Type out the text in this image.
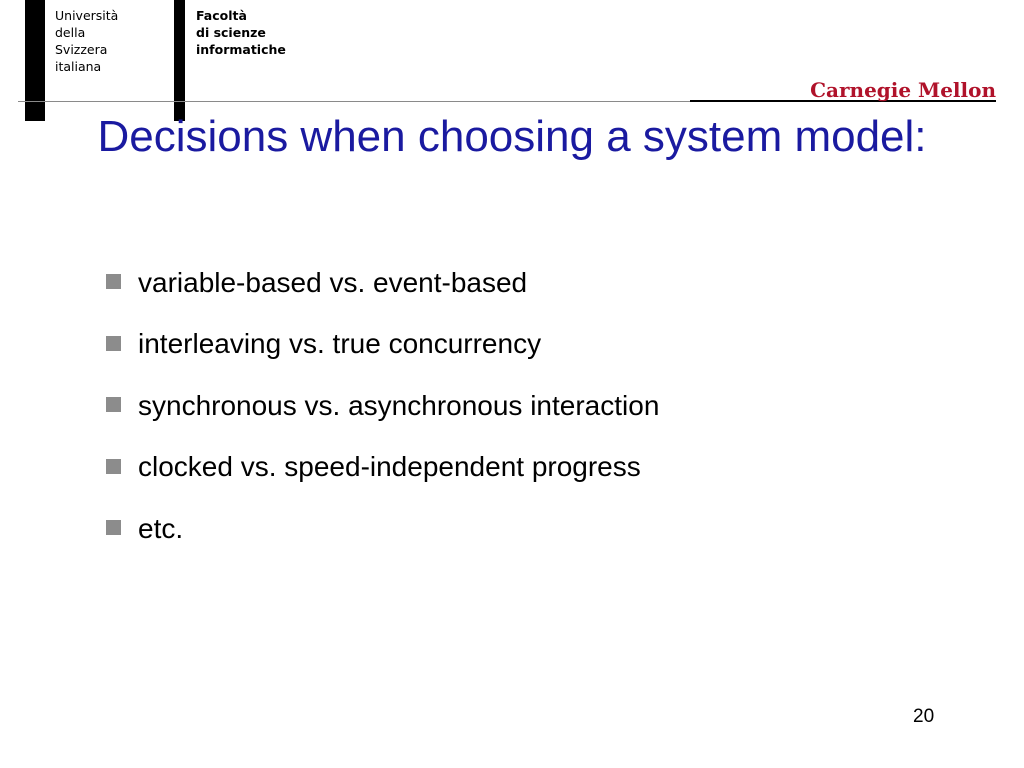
Università
della
Svizzera
italiana
Facoltà
di scienze
informatiche
Carnegie Mellon
Decisions when choosing a system model:
variable-based vs. event-based
interleaving vs. true concurrency
synchronous vs. asynchronous interaction
clocked vs. speed-independent progress
etc.
20
